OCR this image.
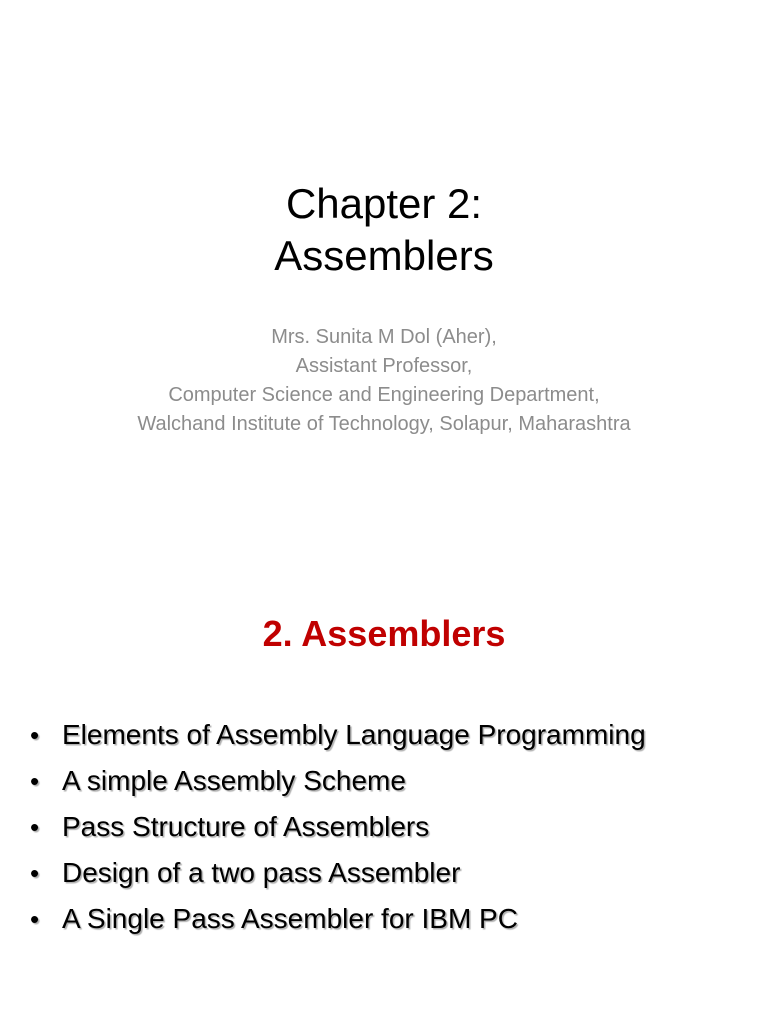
Chapter 2:
Assemblers
Mrs. Sunita M Dol (Aher),
Assistant Professor,
Computer Science and Engineering Department,
Walchand Institute of Technology, Solapur, Maharashtra
2. Assemblers
• Elements of Assembly Language Programming
• A simple Assembly Scheme
• Pass Structure of Assemblers
• Design of a two pass Assembler
• A Single Pass Assembler for IBM PC
